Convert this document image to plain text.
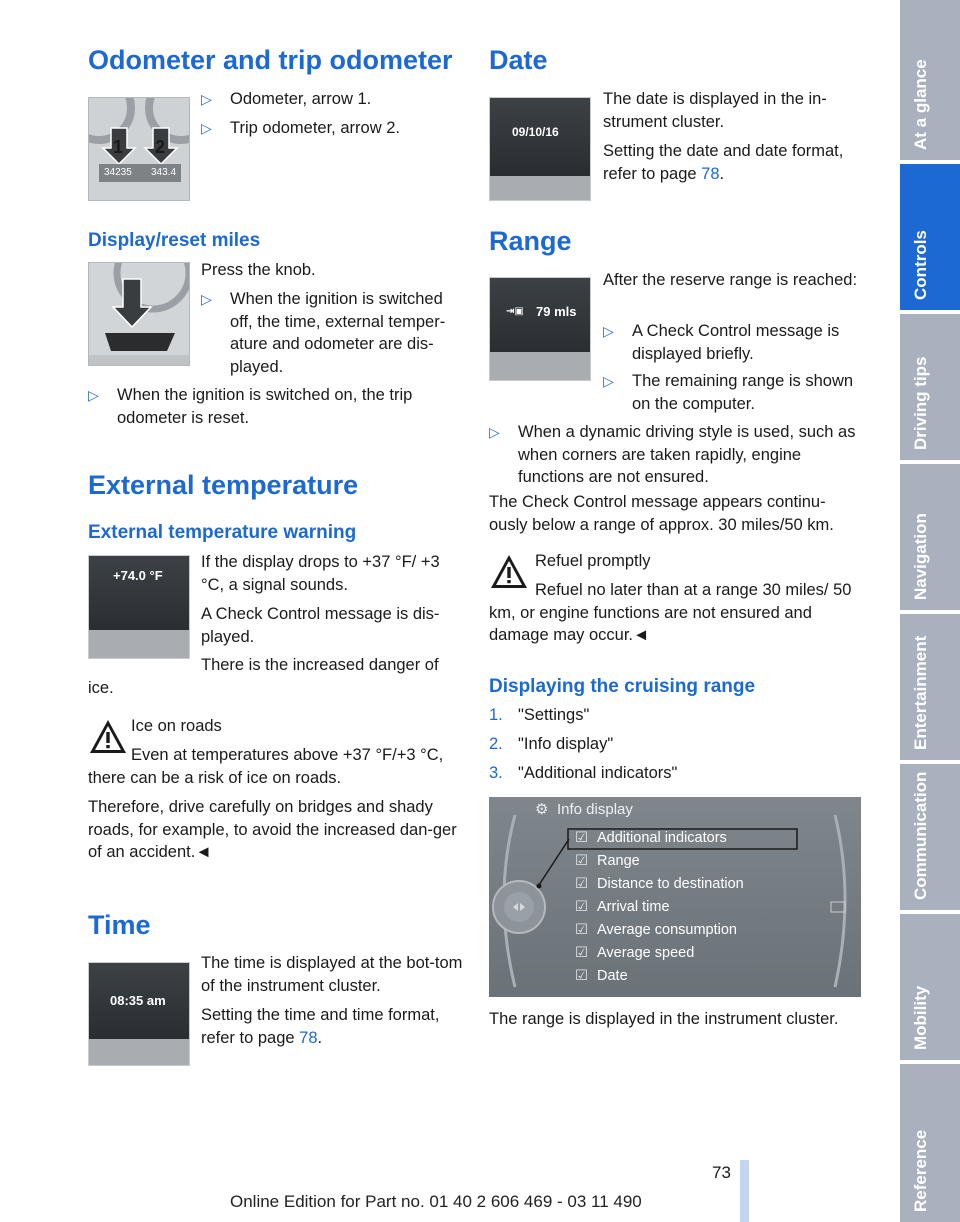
Odometer and trip odometer
1 2
34235 343.4
▷	Odometer, arrow 1.
▷	Trip odometer, arrow 2.
Display/reset miles
Press the knob.
▷	When the ignition is switched off, the time, external temper-ature and odometer are dis-played.
▷	When the ignition is switched on, the trip odometer is reset.
External temperature
External temperature warning
+74.0 °F
If the display drops to +37 °F/ +3 °C, a signal sounds.
A Check Control message is dis-played.
There is the increased danger of ice.
Ice on roads
Even at temperatures above +37 °F/+3 °C, there can be a risk of ice on roads.
Therefore, drive carefully on bridges and shady roads, for example, to avoid the increased dan-ger of an accident.◄
Time
08:35 am
The time is displayed at the bot-tom of the instrument cluster.
Setting the time and time format, refer to page 78.
Date
09/10/16
The date is displayed in the in-strument cluster.
Setting the date and date format, refer to page 78.
Range
⇥▣ 79 mls
After the reserve range is reached:
▷	A Check Control message is displayed briefly.
▷	The remaining range is shown on the computer.
▷	When a dynamic driving style is used, such as when corners are taken rapidly, engine functions are not ensured.
The Check Control message appears continu-ously below a range of approx. 30 miles/50 km.
Refuel promptly
Refuel no later than at a range 30 miles/ 50 km, or engine functions are not ensured and damage may occur.◄
Displaying the cruising range
1. "Settings"
2. "Info display"
3. "Additional indicators"
⚙ Info display
☑ Additional indicators
☑ Range
☑ Distance to destination
☑ Arrival time
☑ Average consumption
☑ Average speed
☑ Date
The range is displayed in the instrument cluster.
At a glance
Controls
Driving tips
Navigation
Entertainment
Communication
Mobility
Reference
73
Online Edition for Part no. 01 40 2 606 469 - 03 11 490
